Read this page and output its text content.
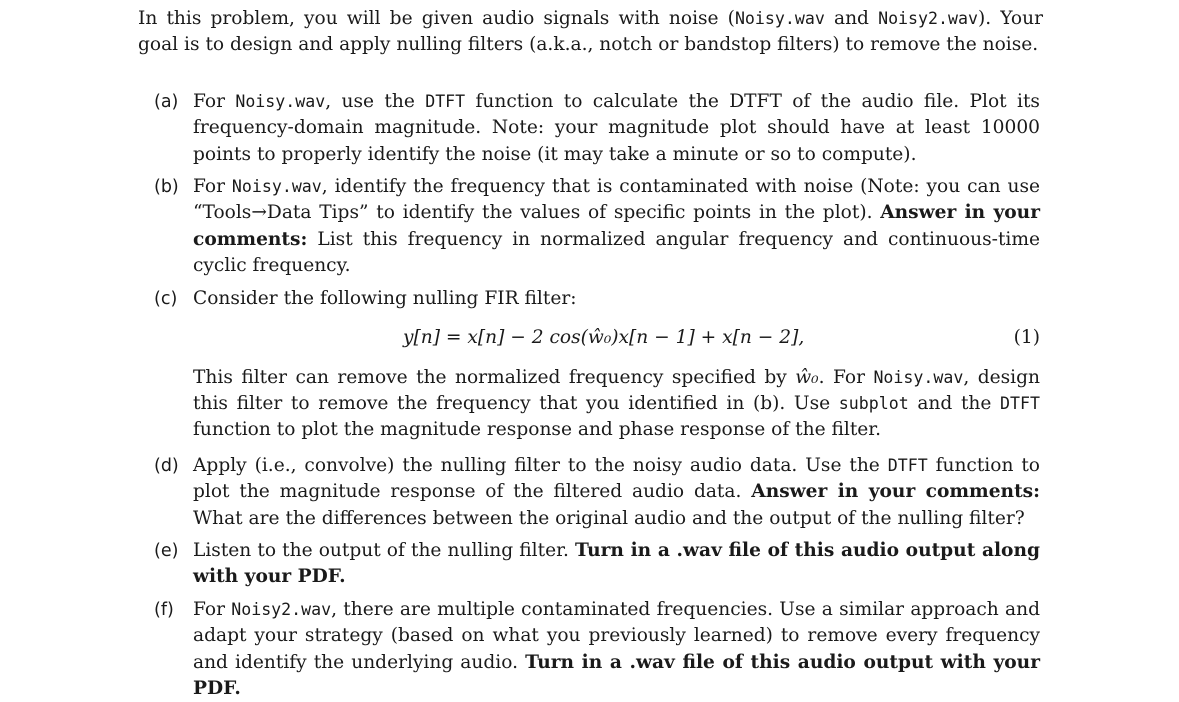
In this problem, you will be given audio signals with noise (Noisy.wav and Noisy2.wav). Your goal is to design and apply nulling filters (a.k.a., notch or bandstop filters) to remove the noise.
(a) For Noisy.wav, use the DTFT function to calculate the DTFT of the audio file. Plot its frequency-domain magnitude. Note: your magnitude plot should have at least 10000 points to properly identify the noise (it may take a minute or so to compute).
(b) For Noisy.wav, identify the frequency that is contaminated with noise (Note: you can use “Tools→Data Tips” to identify the values of specific points in the plot). Answer in your comments: List this frequency in normalized angular frequency and continuous-time cyclic frequency.
(c) Consider the following nulling FIR filter:
y[n] = x[n] − 2 cos(ŵ₀)x[n − 1] + x[n − 2],	(1)
This filter can remove the normalized frequency specified by ŵ₀. For Noisy.wav, design this filter to remove the frequency that you identified in (b). Use subplot and the DTFT function to plot the magnitude response and phase response of the filter.
(d) Apply (i.e., convolve) the nulling filter to the noisy audio data. Use the DTFT function to plot the magnitude response of the filtered audio data. Answer in your comments: What are the differences between the original audio and the output of the nulling filter?
(e) Listen to the output of the nulling filter. Turn in a .wav file of this audio output along with your PDF.
(f) For Noisy2.wav, there are multiple contaminated frequencies. Use a similar approach and adapt your strategy (based on what you previously learned) to remove every frequency and identify the underlying audio. Turn in a .wav file of this audio output with your PDF.
